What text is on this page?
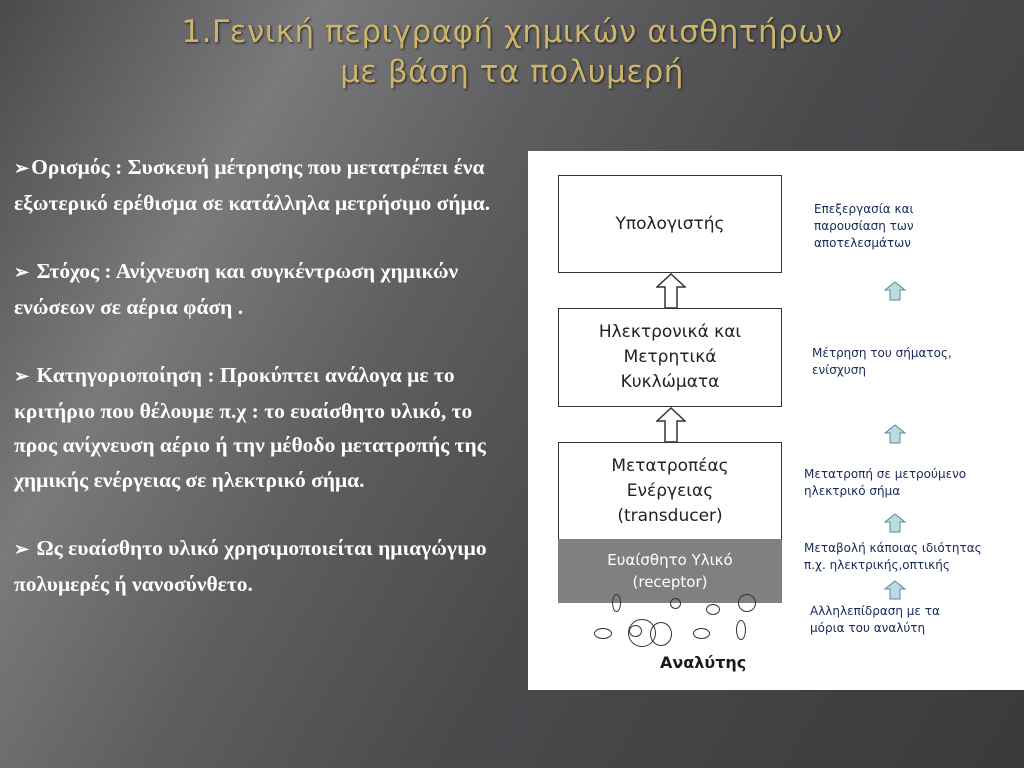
1.Γενική περιγραφή χημικών αισθητήρων
με βάση τα πολυμερή
➢Ορισμός : Συσκευή μέτρησης που μετατρέπει ένα εξωτερικό ερέθισμα σε κατάλληλα μετρήσιμο σήμα.
➢ Στόχος : Ανίχνευση και συγκέντρωση χημικών ενώσεων σε αέρια φάση .
➢ Κατηγοριοποίηση : Προκύπτει ανάλογα με το κριτήριο που θέλουμε π.χ : το ευαίσθητο υλικό, το προς ανίχνευση αέριο ή την μέθοδο μετατροπής της χημικής ενέργειας σε ηλεκτρικό σήμα.
➢ Ως ευαίσθητο υλικό χρησιμοποιείται ημιαγώγιμο πολυμερές ή νανοσύνθετο.
Υπολογιστής
Ηλεκτρονικά και
Μετρητικά
Κυκλώματα
Μετατροπέας
Ενέργειας
(transducer)
Ευαίσθητο Υλικό
(receptor)
Αναλύτης
Επεξεργασία και
παρουσίαση των
αποτελεσμάτων
Μέτρηση του σήματος,
ενίσχυση
Μετατροπή σε μετρούμενο
ηλεκτρικό σήμα
Μεταβολή κάποιας ιδιότητας
π.χ. ηλεκτρικής,οπτικής
Αλληλεπίδραση με τα
μόρια του αναλύτη
